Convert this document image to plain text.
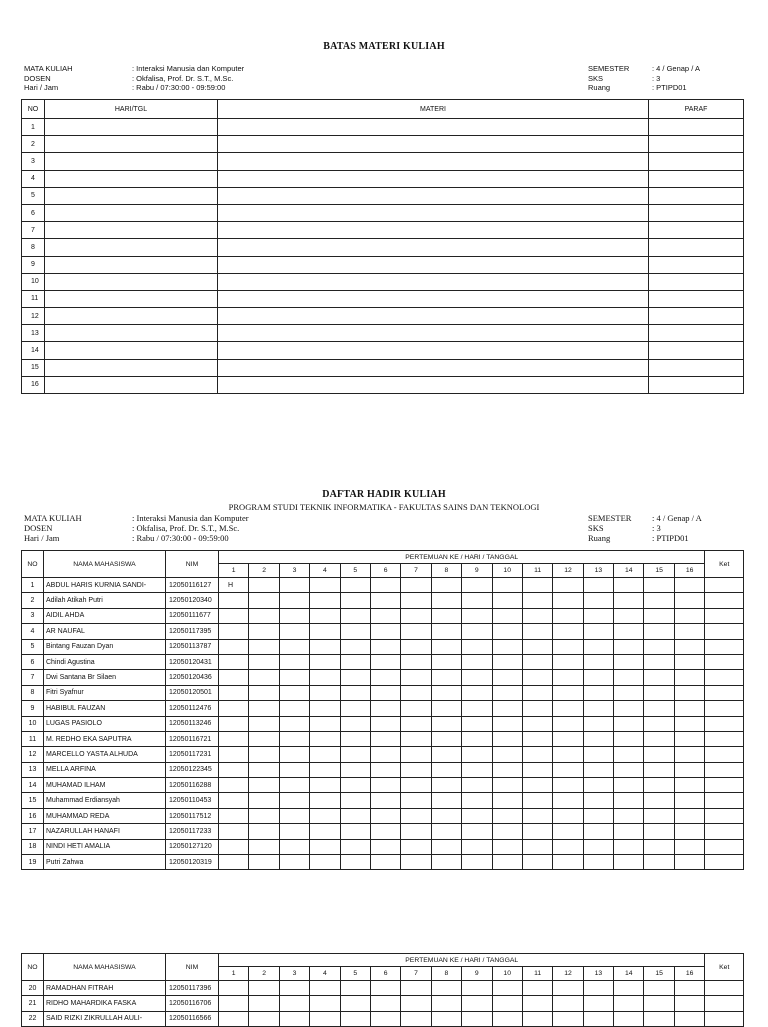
BATAS MATERI KULIAH
MATA KULIAH
DOSEN
Hari / Jam
: Interaksi Manusia dan Komputer
: Okfalisa, Prof. Dr. S.T., M.Sc.
: Rabu / 07:30:00 - 09:59:00
SEMESTER
SKS
Ruang
: 4 / Genap / A
: 3
: PTIPD01
NO	HARI/TGL	MATERI	PARAF
1			
2			
3			
4			
5			
6			
7			
8			
9			
10			
11			
12			
13			
14			
15			
16			
DAFTAR HADIR KULIAH
PROGRAM STUDI TEKNIK INFORMATIKA - FAKULTAS SAINS DAN TEKNOLOGI
MATA KULIAH
DOSEN
Hari / Jam
: Interaksi Manusia dan Komputer
: Okfalisa, Prof. Dr. S.T., M.Sc.
: Rabu / 07:30:00 - 09:59:00
SEMESTER
SKS
Ruang
: 4 / Genap / A
: 3
: PTIPD01
NO	NAMA MAHASISWA	NIM	PERTEMUAN KE / HARI / TANGGAL																Ket
			1	2	3	4	5	6	7	8	9	10	11	12	13	14	15	16	
1	ABDUL HARIS KURNIA SANDI-	12050116127	H																
2	Adilah Atikah Putri	12050120340																	
3	AIDIL AHDA	12050111677																	
4	AR NAUFAL	12050117395																	
5	Bintang Fauzan Dyan	12050113787																	
6	Chindi Agustina	12050120431																	
7	Dwi Santana Br Silaen	12050120436																	
8	Fitri Syafnur	12050120501																	
9	HABIBUL FAUZAN	12050112476																	
10	LUGAS PASIOLO	12050113246																	
11	M. REDHO EKA SAPUTRA	12050116721																	
12	MARCELLO YASTA ALHUDA	12050117231																	
13	MELLA ARFINA	12050122345																	
14	MUHAMAD ILHAM	12050116288																	
15	Muhammad Erdiansyah	12050110453																	
16	MUHAMMAD REDA	12050117512																	
17	NAZARULLAH HANAFI	12050117233																	
18	NINDI HETI AMALIA	12050127120																	
19	Putri Zahwa	12050120319																	
NO	NAMA MAHASISWA	NIM	PERTEMUAN KE / HARI / TANGGAL																Ket
			1	2	3	4	5	6	7	8	9	10	11	12	13	14	15	16	
20	RAMADHAN FITRAH	12050117396																	
21	RIDHO MAHARDIKA FASKA	12050116706																	
22	SAID RIZKI ZIKRULLAH AULI-	12050116566																	
